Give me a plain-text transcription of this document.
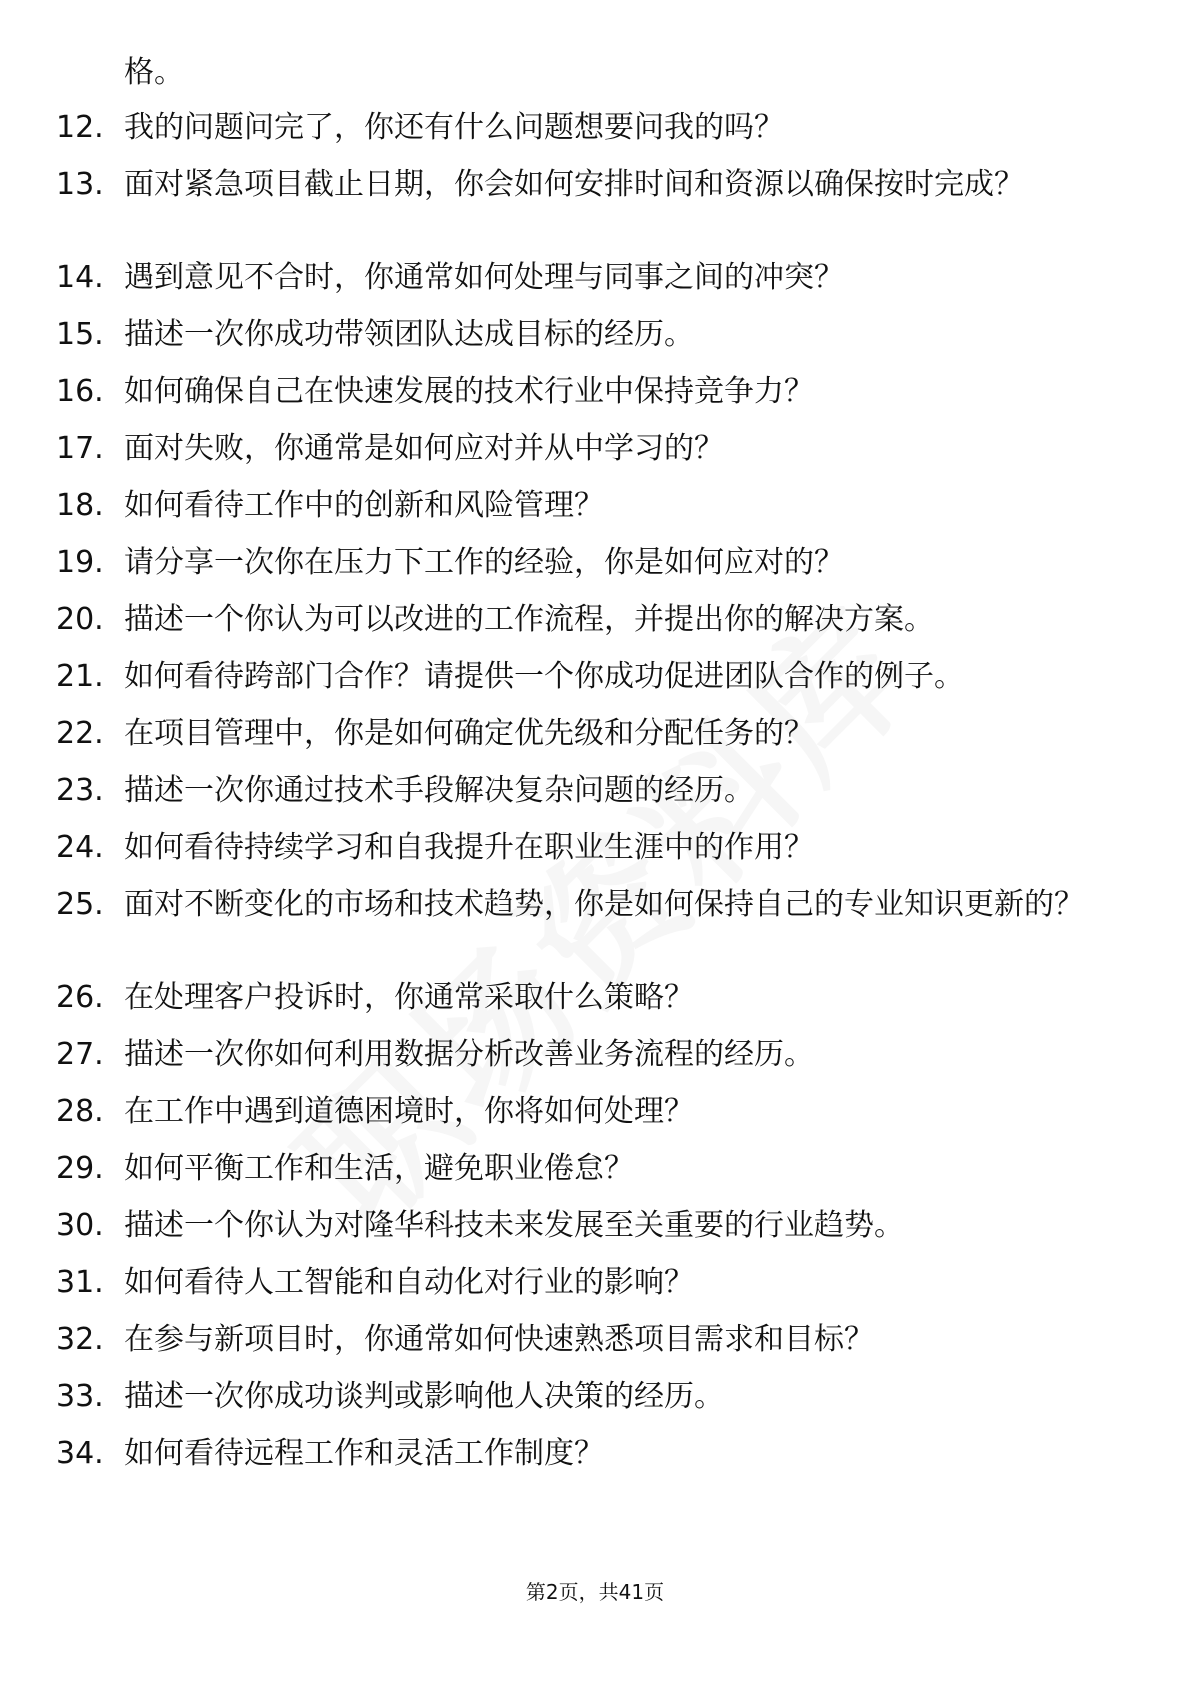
格。
12. 我的问题问完了，你还有什么问题想要问我的吗？
13. 面对紧急项目截止日期，你会如何安排时间和资源以确保按时完成？
14. 遇到意见不合时，你通常如何处理与同事之间的冲突？
15. 描述一次你成功带领团队达成目标的经历。
16. 如何确保自己在快速发展的技术行业中保持竞争力？
17. 面对失败，你通常是如何应对并从中学习的？
18. 如何看待工作中的创新和风险管理？
19. 请分享一次你在压力下工作的经验，你是如何应对的？
20. 描述一个你认为可以改进的工作流程，并提出你的解决方案。
21. 如何看待跨部门合作？请提供一个你成功促进团队合作的例子。
22. 在项目管理中，你是如何确定优先级和分配任务的？
23. 描述一次你通过技术手段解决复杂问题的经历。
24. 如何看待持续学习和自我提升在职业生涯中的作用？
25. 面对不断变化的市场和技术趋势，你是如何保持自己的专业知识更新的？
26. 在处理客户投诉时，你通常采取什么策略？
27. 描述一次你如何利用数据分析改善业务流程的经历。
28. 在工作中遇到道德困境时，你将如何处理？
29. 如何平衡工作和生活，避免职业倦怠？
30. 描述一个你认为对隆华科技未来发展至关重要的行业趋势。
31. 如何看待人工智能和自动化对行业的影响？
32. 在参与新项目时，你通常如何快速熟悉项目需求和目标？
33. 描述一次你成功谈判或影响他人决策的经历。
34. 如何看待远程工作和灵活工作制度？
第2页，共41页
